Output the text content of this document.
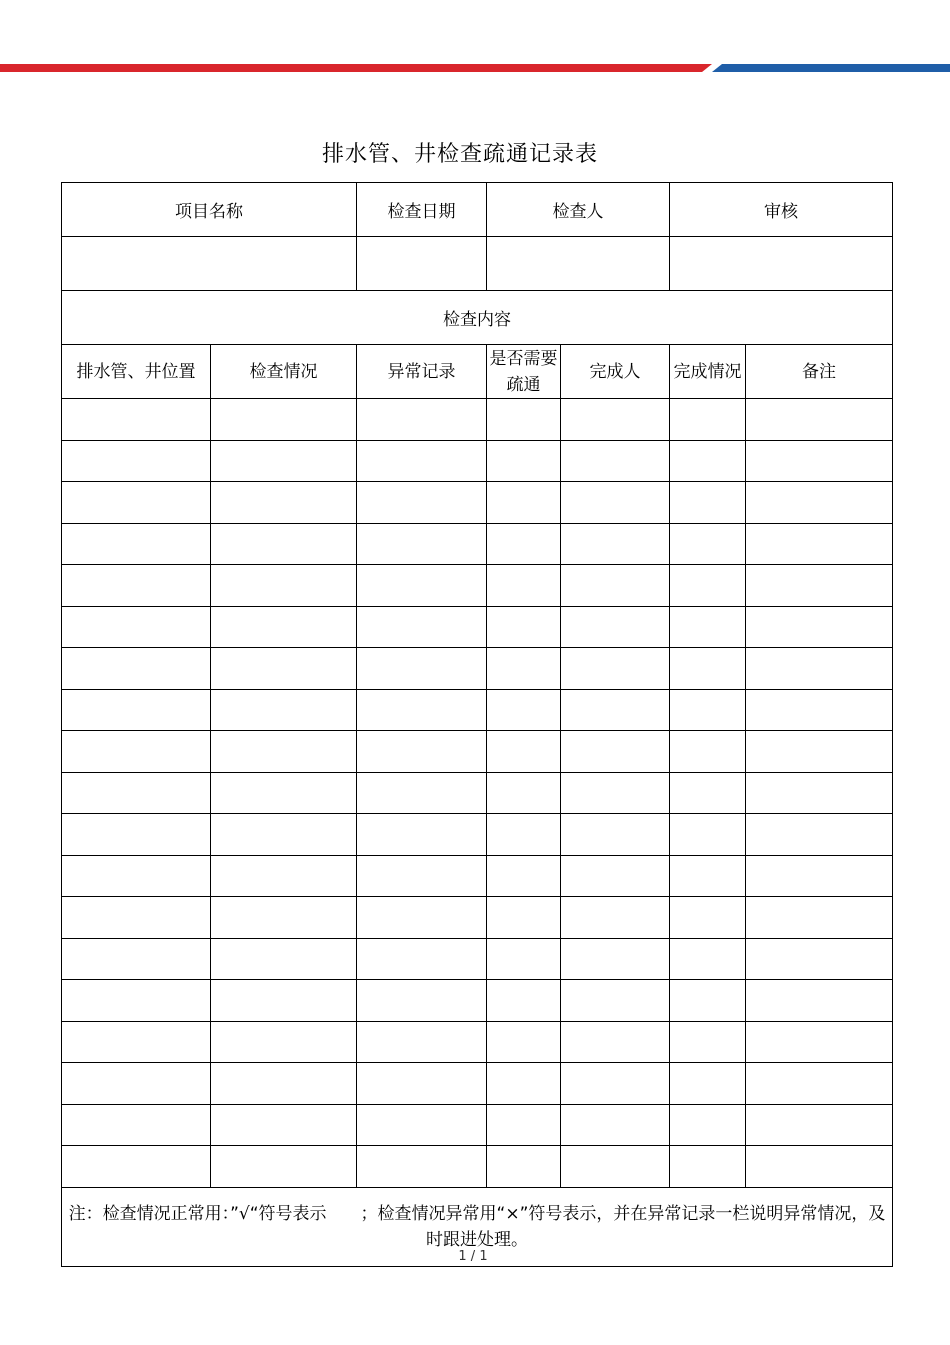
排水管、井检查疏通记录表
项目名称		检查日期	检查人		审核	

检查内容						
排水管、井位置	检查情况	异常记录	是否需要疏通	完成人	完成情况	备注

注：检查情况正常用：”√“符号表示　　；检查情况异常用“×”符号表示，并在异常记录一栏说明异常情况，及时跟进处理。						
1 / 1
